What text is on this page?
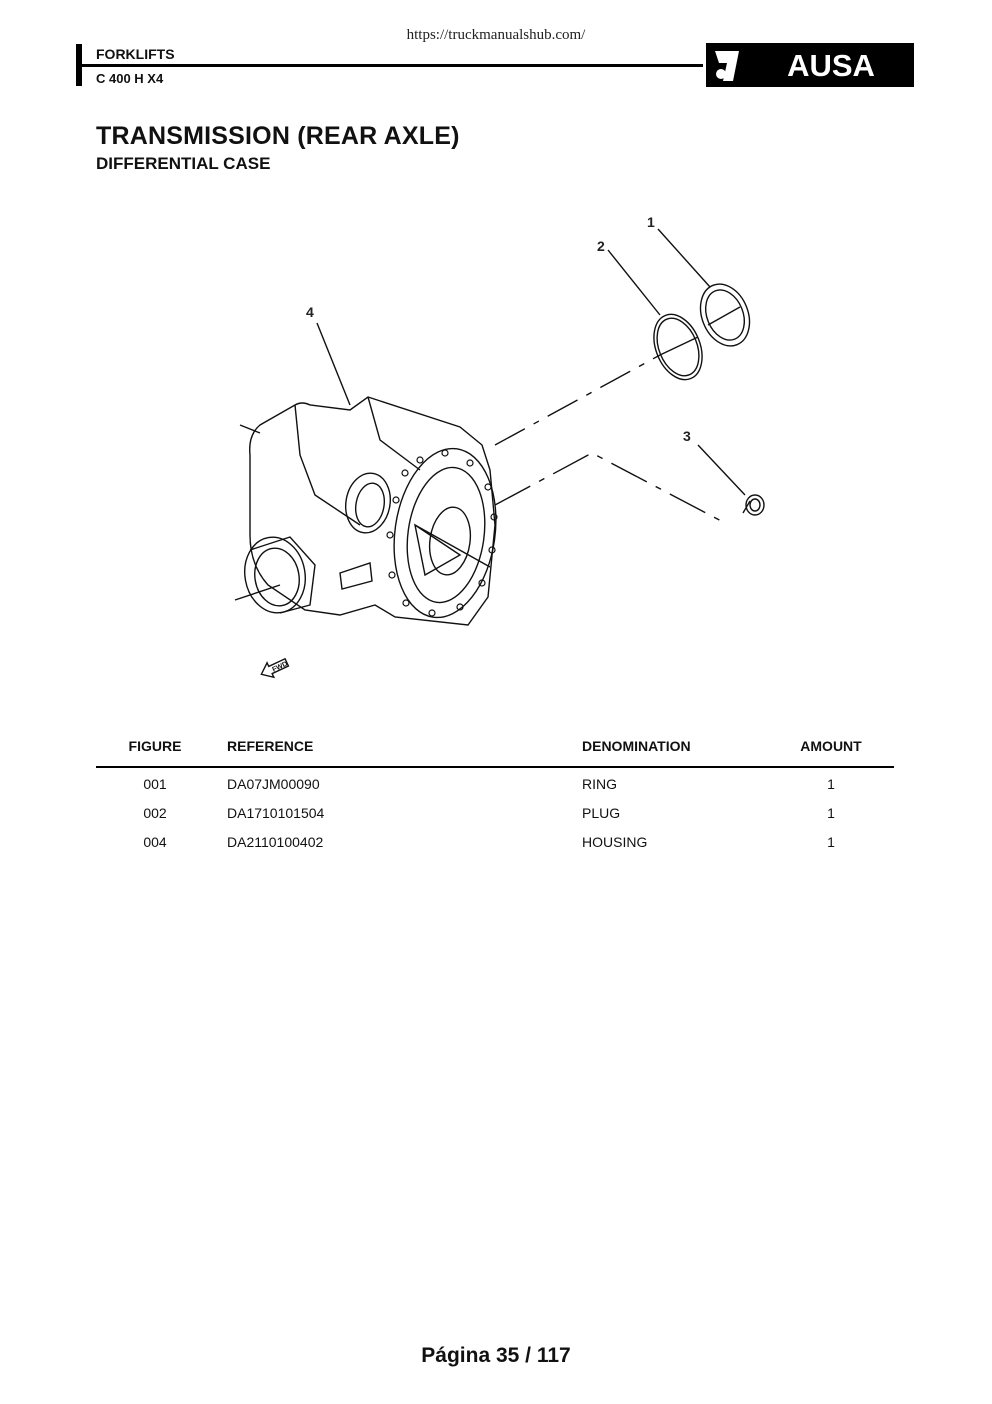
https://truckmanualshub.com/
FORKLIFTS
C 400 H X4	AUSA
TRANSMISSION (REAR AXLE)
DIFFERENTIAL CASE
1
2
3
4
FWD
FIGURE	REFERENCE	DENOMINATION	AMOUNT
001	DA07JM00090	RING	1
002	DA1710101504	PLUG	1
004	DA2110100402	HOUSING	1
Página 35 / 117
